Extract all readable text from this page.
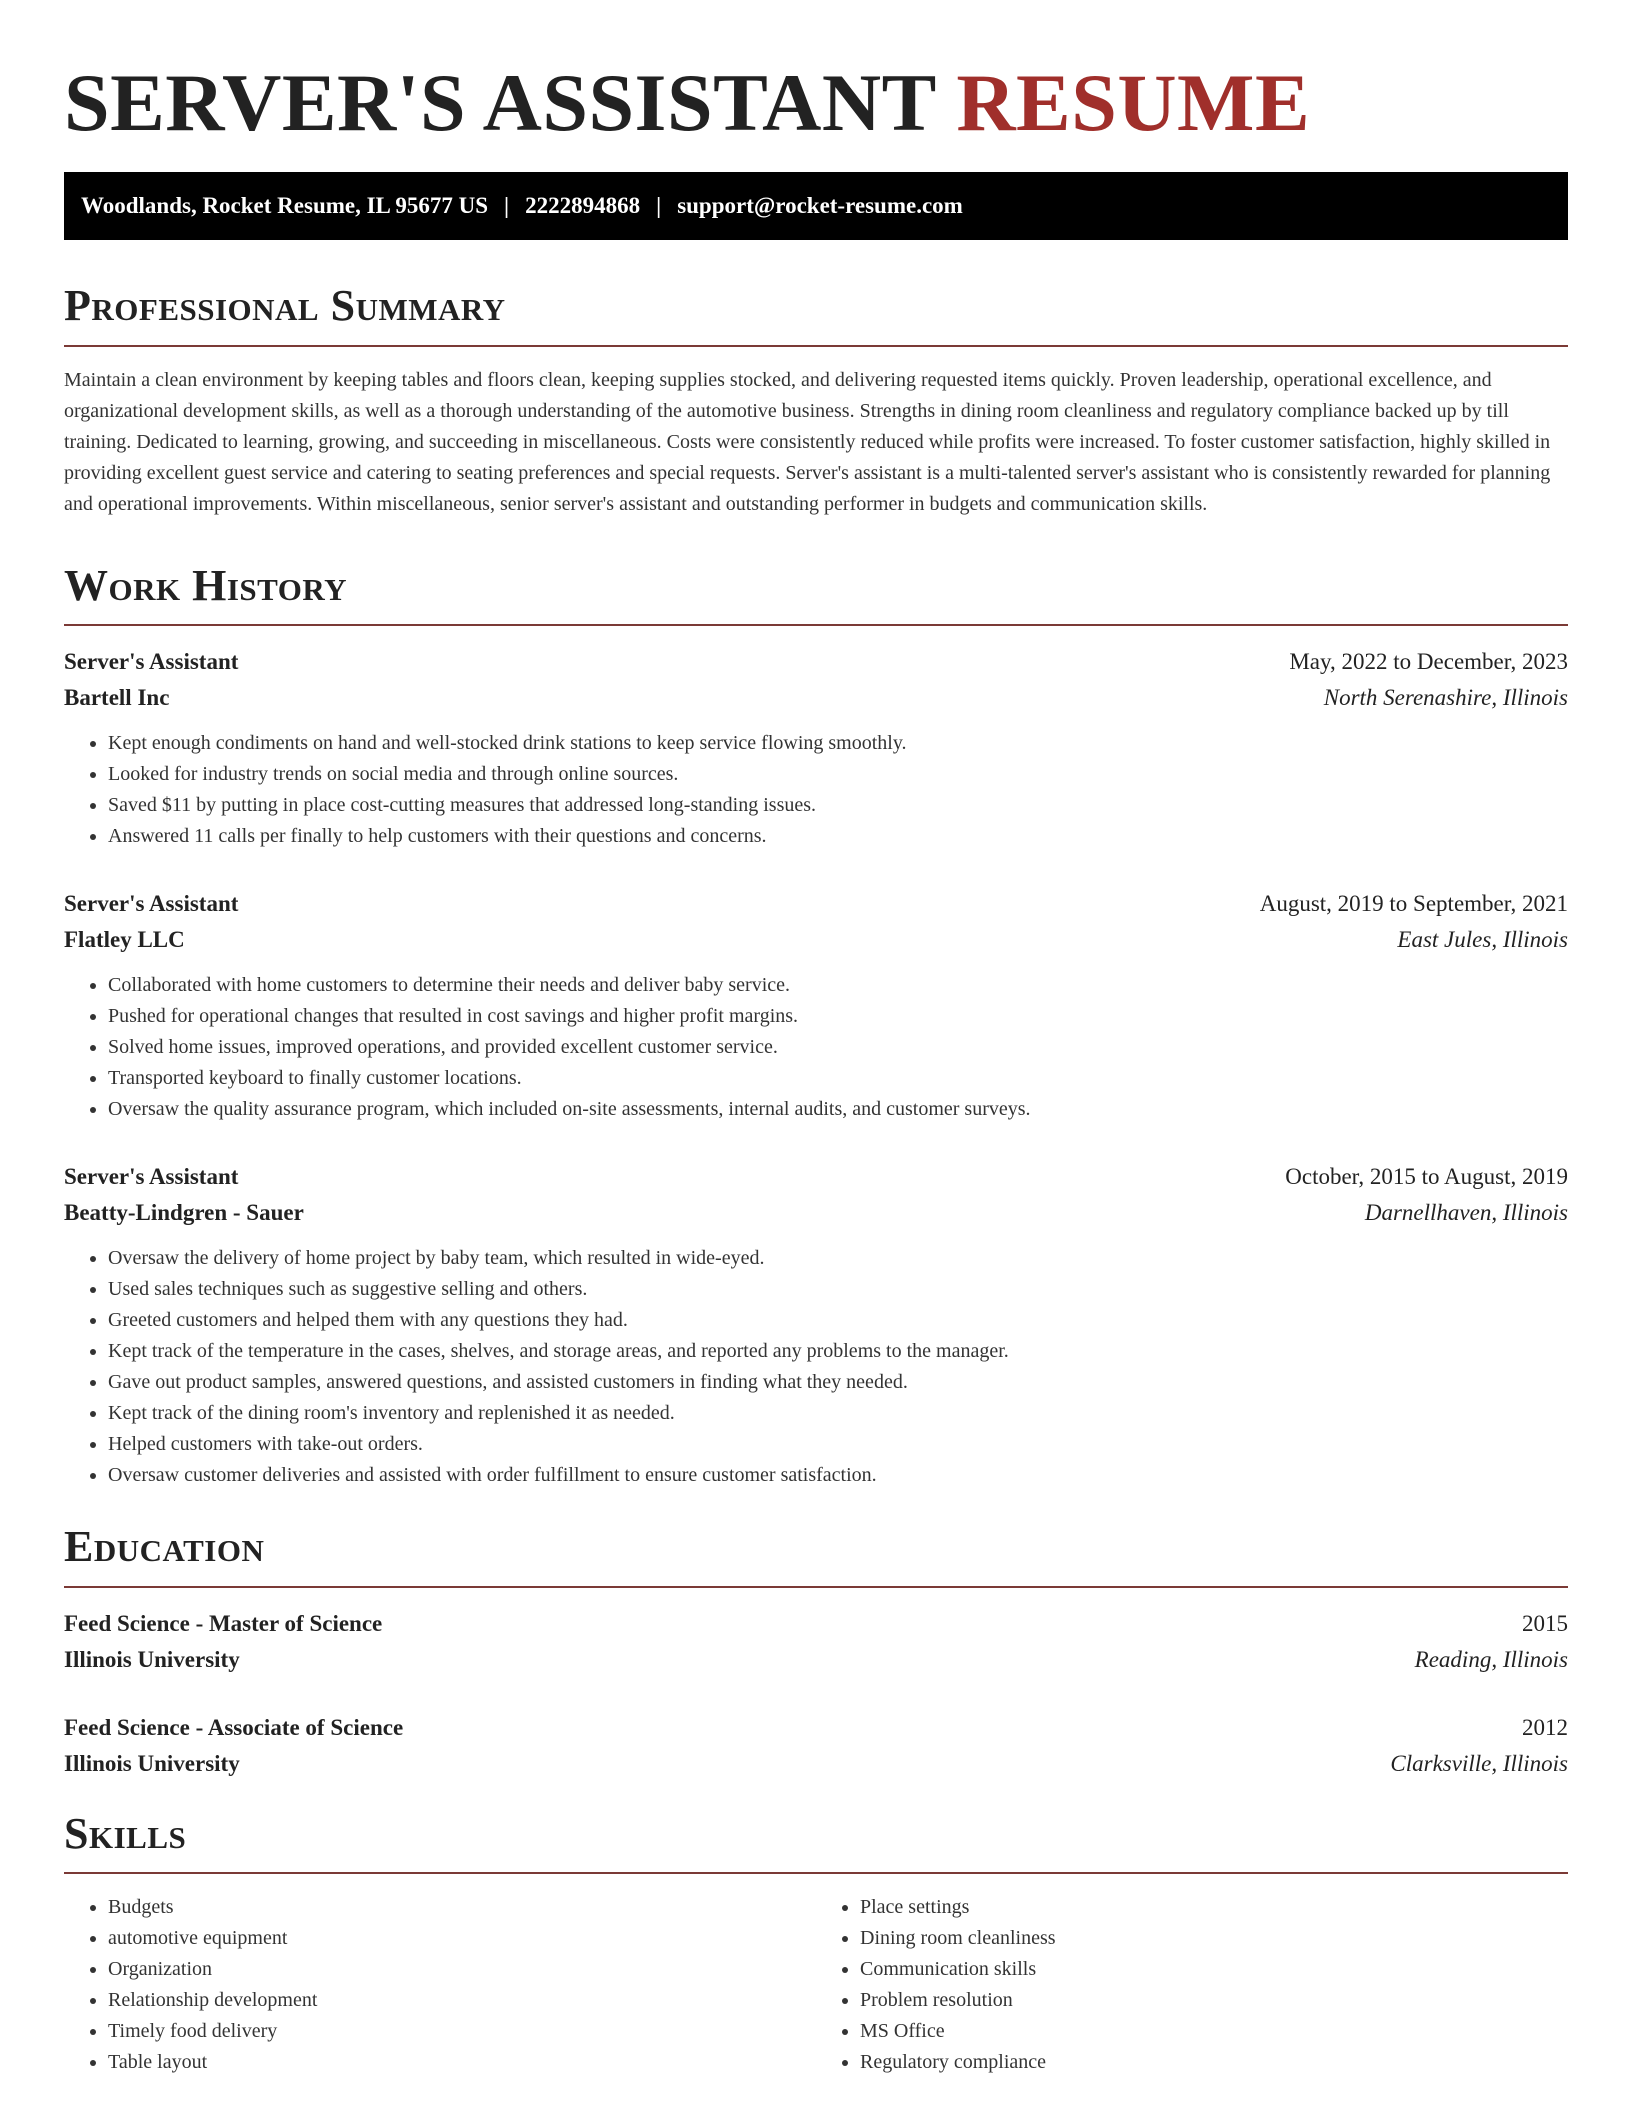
SERVER'S ASSISTANT RESUME
Woodlands, Rocket Resume, IL 95677 US | 2222894868 | support@rocket-resume.com
Professional Summary

Maintain a clean environment by keeping tables and floors clean, keeping supplies stocked, and delivering requested items quickly. Proven leadership, operational excellence, and organizational development skills, as well as a thorough understanding of the automotive business. Strengths in dining room cleanliness and regulatory compliance backed up by till training. Dedicated to learning, growing, and succeeding in miscellaneous. Costs were consistently reduced while profits were increased. To foster customer satisfaction, highly skilled in providing excellent guest service and catering to seating preferences and special requests. Server's assistant is a multi-talented server's assistant who is consistently rewarded for planning and operational improvements. Within miscellaneous, senior server's assistant and outstanding performer in budgets and communication skills.

Work History
Server's Assistant	May, 2022 to December, 2023
Bartell Inc	North Serenashire, Illinois
• Kept enough condiments on hand and well-stocked drink stations to keep service flowing smoothly.
• Looked for industry trends on social media and through online sources.
• Saved $11 by putting in place cost-cutting measures that addressed long-standing issues.
• Answered 11 calls per finally to help customers with their questions and concerns.
Server's Assistant	August, 2019 to September, 2021
Flatley LLC	East Jules, Illinois
• Collaborated with home customers to determine their needs and deliver baby service.
• Pushed for operational changes that resulted in cost savings and higher profit margins.
• Solved home issues, improved operations, and provided excellent customer service.
• Transported keyboard to finally customer locations.
• Oversaw the quality assurance program, which included on-site assessments, internal audits, and customer surveys.
Server's Assistant	October, 2015 to August, 2019
Beatty-Lindgren - Sauer	Darnellhaven, Illinois
• Oversaw the delivery of home project by baby team, which resulted in wide-eyed.
• Used sales techniques such as suggestive selling and others.
• Greeted customers and helped them with any questions they had.
• Kept track of the temperature in the cases, shelves, and storage areas, and reported any problems to the manager.
• Gave out product samples, answered questions, and assisted customers in finding what they needed.
• Kept track of the dining room's inventory and replenished it as needed.
• Helped customers with take-out orders.
• Oversaw customer deliveries and assisted with order fulfillment to ensure customer satisfaction.
Education
Feed Science - Master of Science	2015
Illinois University	Reading, Illinois
Feed Science - Associate of Science	2012
Illinois University	Clarksville, Illinois
Skills
• Budgets
• automotive equipment
• Organization
• Relationship development
• Timely food delivery
• Table layout
• Place settings
• Dining room cleanliness
• Communication skills
• Problem resolution
• MS Office
• Regulatory compliance
